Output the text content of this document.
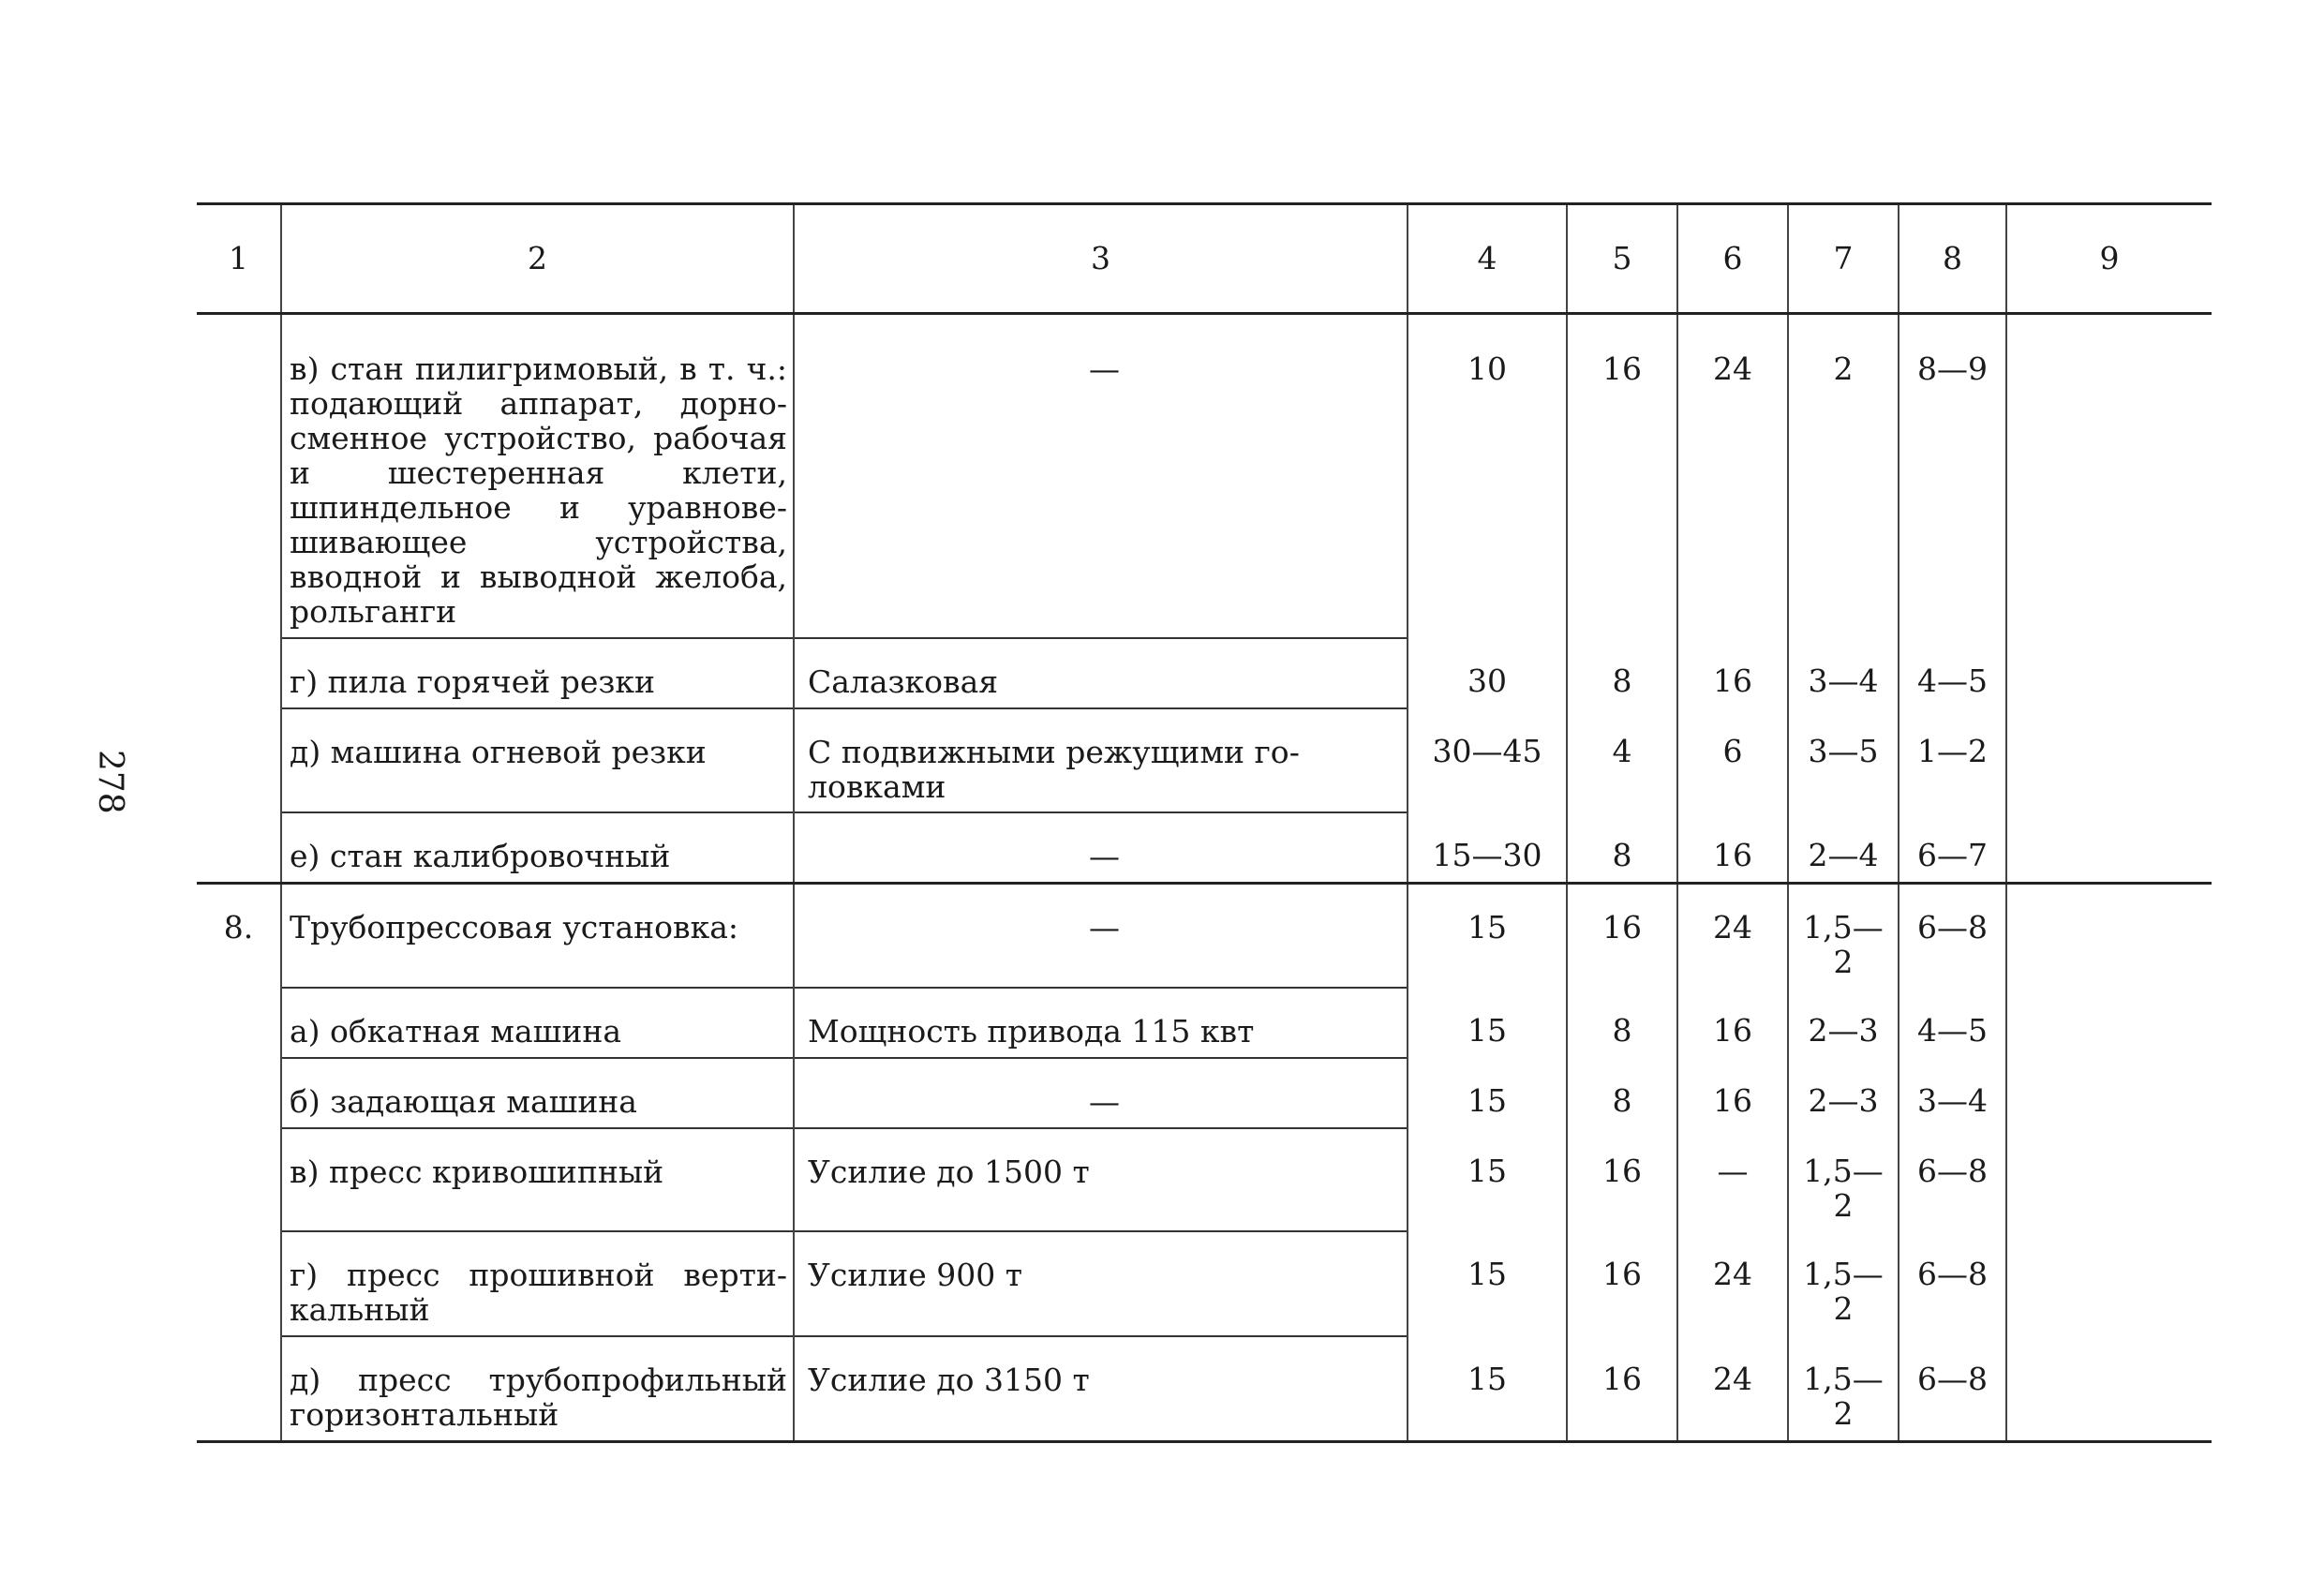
278
1	2	3	4	5	6	7	8	9
	в) стан пилигримовый, в т. ч.: подающий аппарат, дорносменное устройство, рабочая и шестеренная клети, шпиндельное и уравновешивающее устройства, вводной и выводной желоба, рольганги	—	10	16	24	2	8—9	
	г) пила горячей резки	Салазковая	30	8	16	3—4	4—5	
	д) машина огневой резки	С подвижными режущими головками	30—45	4	6	3—5	1—2	
	е) стан калибровочный	—	15—30	8	16	2—4	6—7	
8.	Трубопрессовая установка:	—	15	16	24	1,5—2	6—8	
	а) обкатная машина	Мощность привода 115 квт	15	8	16	2—3	4—5	
	б) задающая машина	—	15	8	16	2—3	3—4	
	в) пресс кривошипный	Усилие до 1500 т	15	16	—	1,5—2	6—8	
	г) пресс прошивной вертикальный	Усилие 900 т	15	16	24	1,5—2	6—8	
	д) пресс трубопрофильный горизонтальный	Усилие до 3150 т	15	16	24	1,5—2	6—8	
